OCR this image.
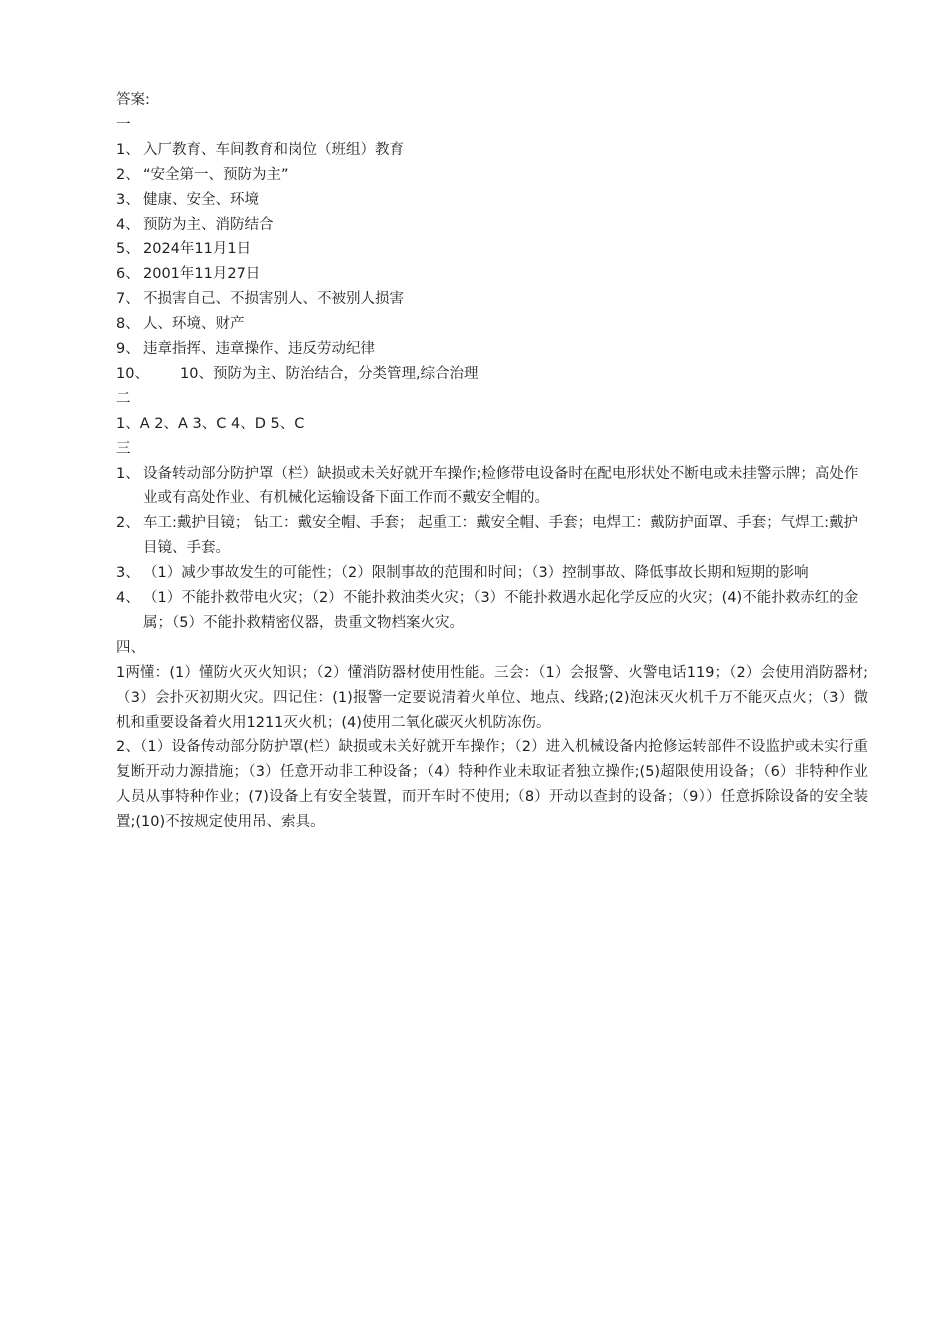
答案:
一
1、 入厂教育、车间教育和岗位（班组）教育
2、 “安全第一、预防为主”
3、 健康、安全、环境
4、 预防为主、消防结合
5、 2024年11月1日
6、 2001年11月27日
7、 不损害自己、不损害别人、不被别人损害
8、 人、环境、财产
9、 违章指挥、违章操作、违反劳动纪律
10、	10、预防为主、防治结合，分类管理,综合治理
二
1、A 2、A 3、C 4、D 5、C
三
1、 设备转动部分防护罩（栏）缺损或未关好就开车操作;检修带电设备时在配电形状处不断电或未挂警示牌；高处作业或有高处作业、有机械化运输设备下面工作而不戴安全帽的。
2、 车工:戴护目镜； 钻工：戴安全帽、手套； 起重工：戴安全帽、手套；电焊工：戴防护面罩、手套；气焊工:戴护目镜、手套。
3、 （1）减少事故发生的可能性；（2）限制事故的范围和时间；（3）控制事故、降低事故长期和短期的影响
4、 （1）不能扑救带电火灾；（2）不能扑救油类火灾；（3）不能扑救遇水起化学反应的火灾；(4)不能扑救赤红的金属；（5）不能扑救精密仪器，贵重文物档案火灾。
四、
1两懂：(1）懂防火灭火知识；（2）懂消防器材使用性能。三会：（1）会报警、火警电话119；（2）会使用消防器材;（3）会扑灭初期火灾。四记住：(1)报警一定要说清着火单位、地点、线路;(2)泡沫灭火机千万不能灭点火；（3）微机和重要设备着火用1211灭火机；(4)使用二氧化碳灭火机防冻伤。
2、（1）设备传动部分防护罩(栏）缺损或未关好就开车操作；（2）进入机械设备内抢修运转部件不设监护或未实行重复断开动力源措施；（3）任意开动非工种设备；（4）特种作业未取证者独立操作;(5)超限使用设备；（6）非特种作业人员从事特种作业；(7)设备上有安全装置，而开车时不使用;（8）开动以查封的设备；（9））任意拆除设备的安全装置;(10)不按规定使用吊、索具。
